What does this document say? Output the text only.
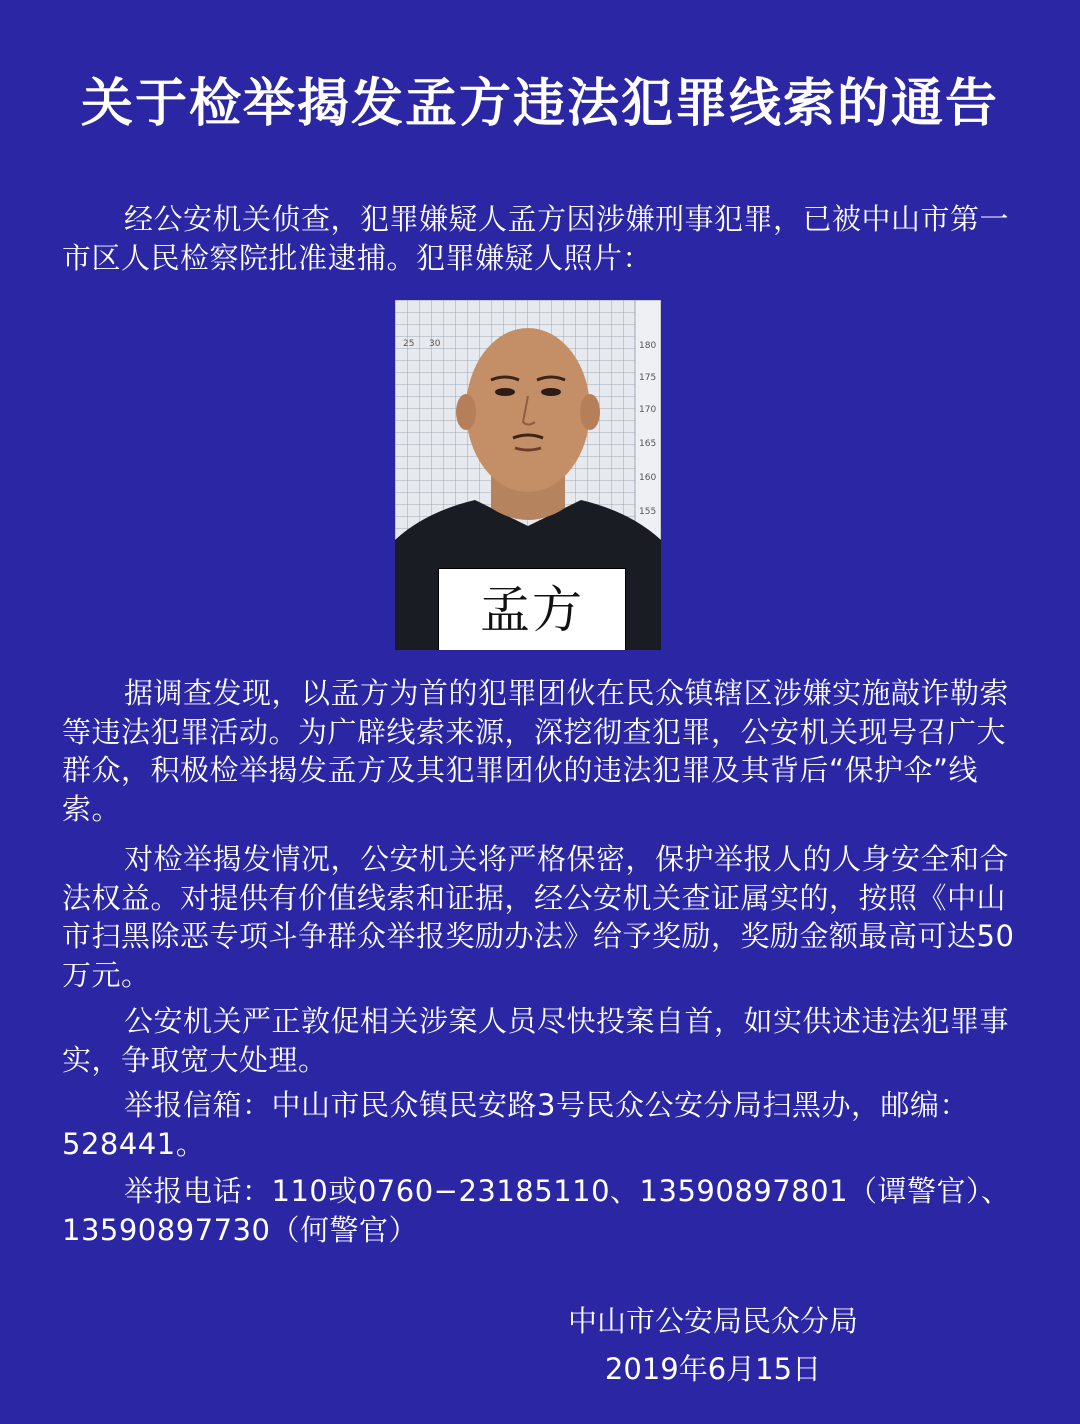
关于检举揭发孟方违法犯罪线索的通告

经公安机关侦查，犯罪嫌疑人孟方因涉嫌刑事犯罪，已被中山市第一市区人民检察院批准逮捕。犯罪嫌疑人照片：

180
175
170
165
160
155
25 30
孟方

据调查发现，以孟方为首的犯罪团伙在民众镇辖区涉嫌实施敲诈勒索等违法犯罪活动。为广辟线索来源，深挖彻查犯罪，公安机关现号召广大群众，积极检举揭发孟方及其犯罪团伙的违法犯罪及其背后“保护伞”线索。

对检举揭发情况，公安机关将严格保密，保护举报人的人身安全和合法权益。对提供有价值线索和证据，经公安机关查证属实的，按照《中山市扫黑除恶专项斗争群众举报奖励办法》给予奖励，奖励金额最高可达50万元。

公安机关严正敦促相关涉案人员尽快投案自首，如实供述违法犯罪事实，争取宽大处理。

举报信箱：中山市民众镇民安路3号民众公安分局扫黑办，邮编：528441。

举报电话：110或0760−23185110、13590897801（谭警官）、13590897730（何警官）

中山市公安局民众分局
2019年6月15日
